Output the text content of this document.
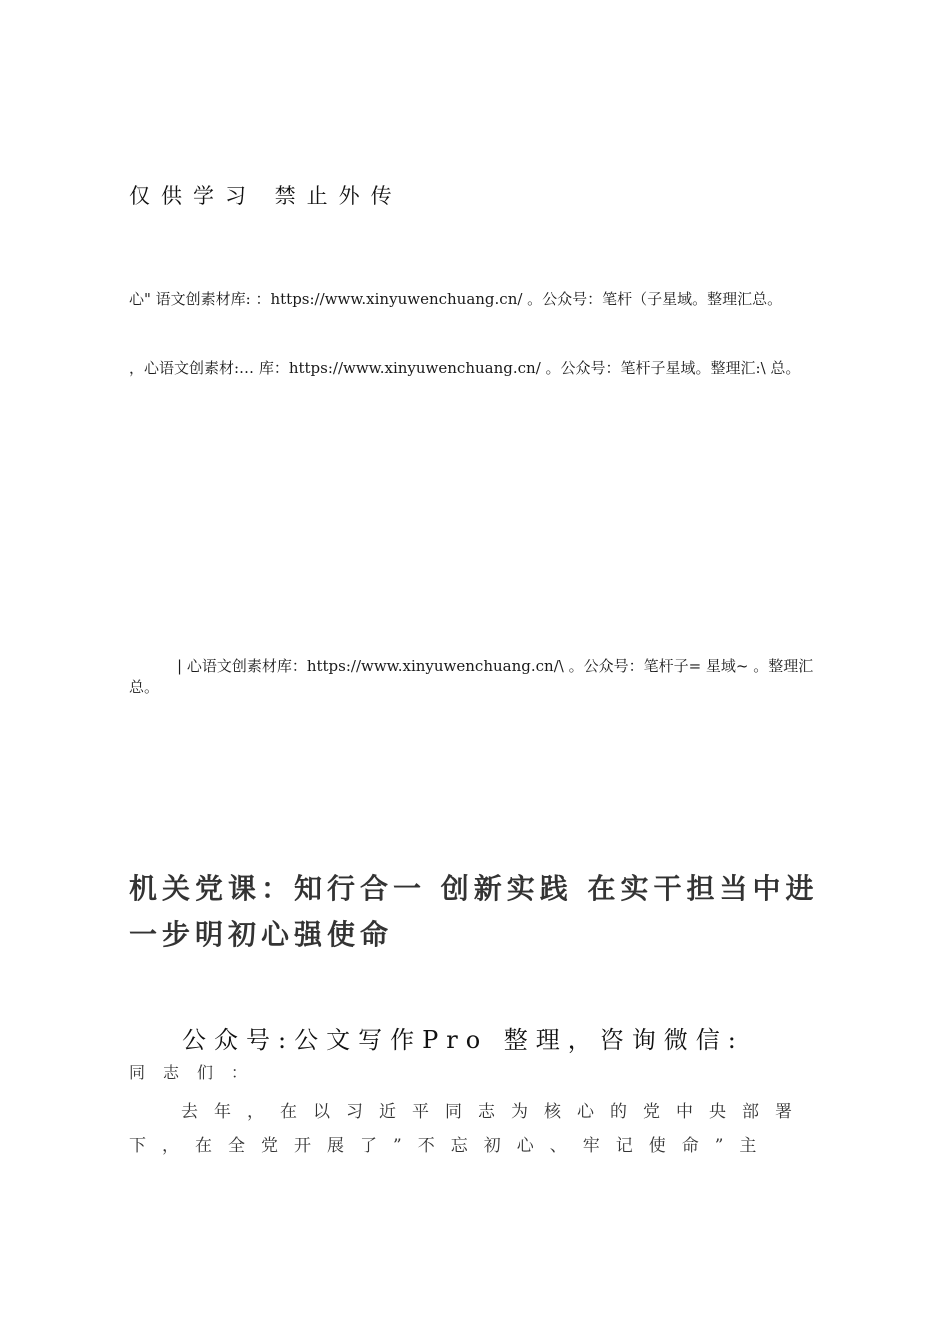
仅供学习 禁止外传
心" 语文创素材库: ：https://www.xinyuwenchuang.cn/ 。公众号：笔杆（子星域。整理汇总。
，心语文创素材:… 库：https://www.xinyuwenchuang.cn/ 。公众号：笔杆子星域。整理汇:\ 总。
| 心语文创素材库：https://www.xinyuwenchuang.cn/\ 。公众号：笔杆子= 星域~ 。整理汇总。
机关党课：知行合一 创新实践 在实干担当中进一步明初心强使命
公众号:公文写作Pro 整理，咨询微信:
同志们：
去年，在以习近平同志为核心的党中央部署下，在全党开展了”不忘初心、牢记使命”主
